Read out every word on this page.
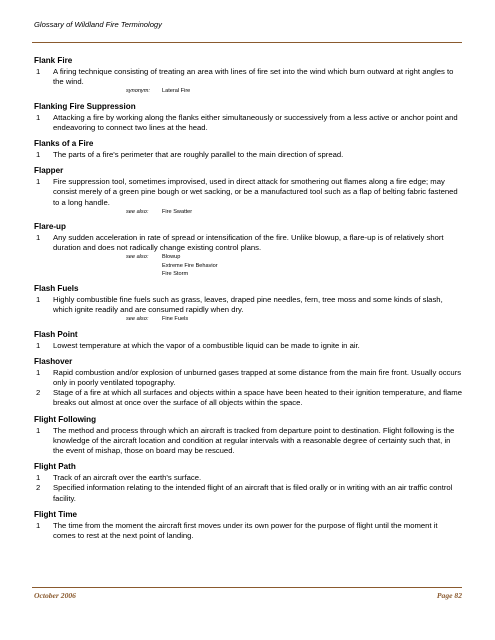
Glossary of Wildland Fire Terminology
Flank Fire
1 A firing technique consisting of treating an area with lines of fire set into the wind which burn outward at right angles to the wind.
synonym: Lateral Fire
Flanking Fire Suppression
1 Attacking a fire by working along the flanks either simultaneously or successively from a less active or anchor point and endeavoring to connect two lines at the head.
Flanks of a Fire
1 The parts of a fire's perimeter that are roughly parallel to the main direction of spread.
Flapper
1 Fire suppression tool, sometimes improvised, used in direct attack for smothering out flames along a fire edge; may consist merely of a green pine bough or wet sacking, or be a manufactured tool such as a flap of belting fabric fastened to a long handle.
see also: Fire Swatter
Flare-up
1 Any sudden acceleration in rate of spread or intensification of the fire. Unlike blowup, a flare-up is of relatively short duration and does not radically change existing control plans.
see also: Blowup
Extreme Fire Behavior
Fire Storm
Flash Fuels
1 Highly combustible fine fuels such as grass, leaves, draped pine needles, fern, tree moss and some kinds of slash, which ignite readily and are consumed rapidly when dry.
see also: Fine Fuels
Flash Point
1 Lowest temperature at which the vapor of a combustible liquid can be made to ignite in air.
Flashover
1 Rapid combustion and/or explosion of unburned gases trapped at some distance from the main fire front. Usually occurs only in poorly ventilated topography.
2 Stage of a fire at which all surfaces and objects within a space have been heated to their ignition temperature, and flame breaks out almost at once over the surface of all objects within the space.
Flight Following
1 The method and process through which an aircraft is tracked from departure point to destination. Flight following is the knowledge of the aircraft location and condition at regular intervals with a reasonable degree of certainty such that, in the event of mishap, those on board may be rescued.
Flight Path
1 Track of an aircraft over the earth's surface.
2 Specified information relating to the intended flight of an aircraft that is filed orally or in writing with an air traffic control facility.
Flight Time
1 The time from the moment the aircraft first moves under its own power for the purpose of flight until the moment it comes to rest at the next point of landing.
October 2006	Page 82
